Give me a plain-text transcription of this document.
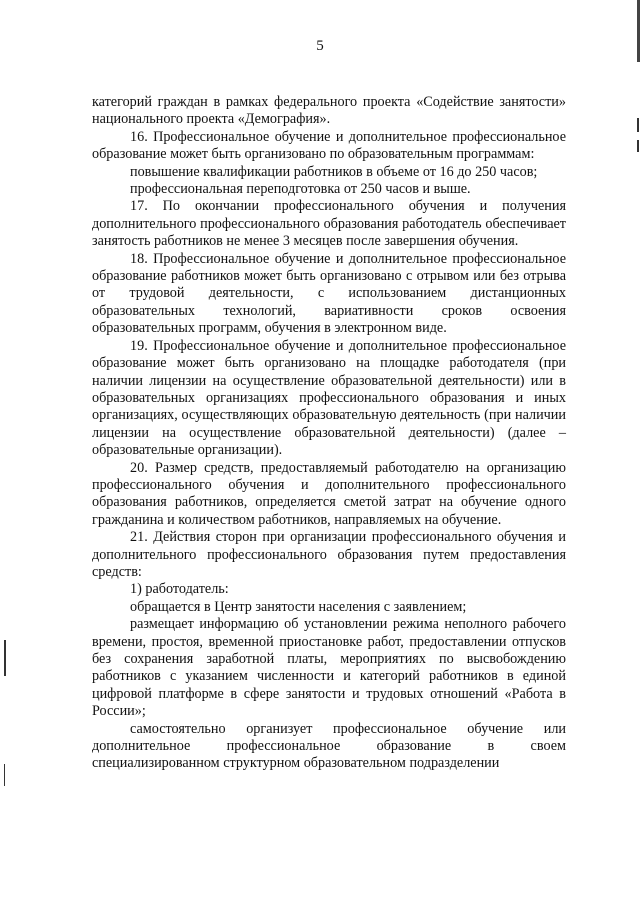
5

категорий граждан в рамках федерального проекта «Содействие занятости» национального проекта «Демография».

16. Профессиональное обучение и дополнительное профессиональное образование может быть организовано по образовательным программам:

повышение квалификации работников в объеме от 16 до 250 часов;

профессиональная переподготовка от 250 часов и выше.

17. По окончании профессионального обучения и получения дополнительного профессионального образования работодатель обеспечивает занятость работников не менее 3 месяцев после завершения обучения.

18. Профессиональное обучение и дополнительное профессиональное образование работников может быть организовано с отрывом или без отрыва от трудовой деятельности, с использованием дистанционных образовательных технологий, вариативности сроков освоения образовательных программ, обучения в электронном виде.

19. Профессиональное обучение и дополнительное профессиональное образование может быть организовано на площадке работодателя (при наличии лицензии на осуществление образовательной деятельности) или в образовательных организациях профессионального образования и иных организациях, осуществляющих образовательную деятельность (при наличии лицензии на осуществление образовательной деятельности) (далее – образовательные организации).

20. Размер средств, предоставляемый работодателю на организацию профессионального обучения и дополнительного профессионального образования работников, определяется сметой затрат на обучение одного гражданина и количеством работников, направляемых на обучение.

21. Действия сторон при организации профессионального обучения и дополнительного профессионального образования путем предоставления средств:

1) работодатель:

обращается в Центр занятости населения с заявлением;

размещает информацию об установлении режима неполного рабочего времени, простоя, временной приостановке работ, предоставлении отпусков без сохранения заработной платы, мероприятиях по высвобождению работников с указанием численности и категорий работников в единой цифровой платформе в сфере занятости и трудовых отношений «Работа в России»;

самостоятельно организует профессиональное обучение или дополнительное профессиональное образование в своем специализированном структурном образовательном подразделении
